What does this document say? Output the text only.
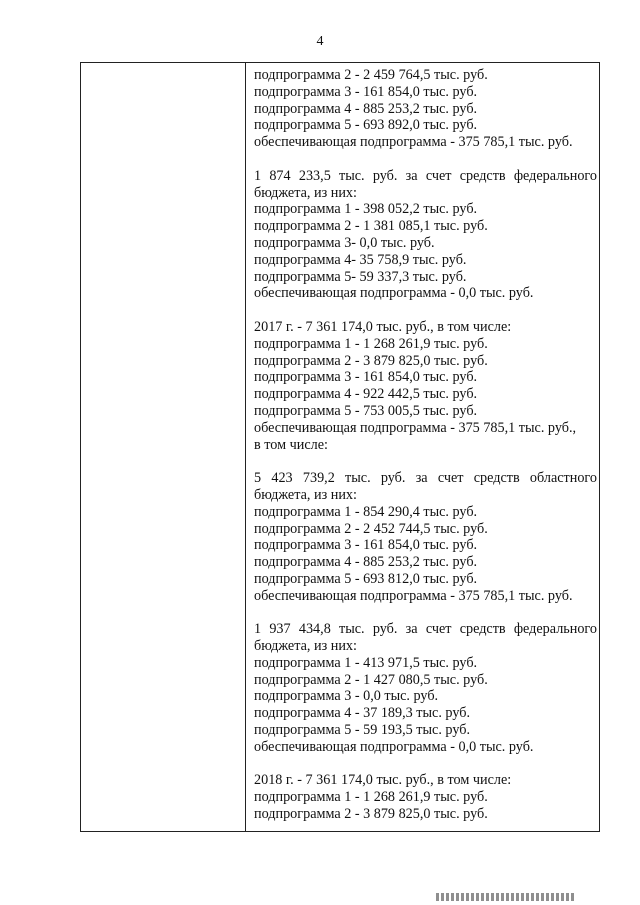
4
подпрограмма 2 - 2 459 764,5 тыс. руб.
подпрограмма 3 - 161 854,0 тыс. руб.
подпрограмма 4 - 885 253,2 тыс. руб.
подпрограмма 5 - 693 892,0 тыс. руб.
обеспечивающая подпрограмма - 375 785,1 тыс. руб.
1 874 233,5 тыс. руб. за счет средств федерального
бюджета, из них:
подпрограмма 1 - 398 052,2 тыс. руб.
подпрограмма 2 - 1 381 085,1 тыс. руб.
подпрограмма 3- 0,0 тыс. руб.
подпрограмма 4- 35 758,9 тыс. руб.
подпрограмма 5- 59 337,3 тыс. руб.
обеспечивающая подпрограмма - 0,0 тыс. руб.
2017 г. - 7 361 174,0 тыс. руб., в том числе:
подпрограмма 1 - 1 268 261,9 тыс. руб.
подпрограмма 2 - 3 879 825,0 тыс. руб.
подпрограмма 3 - 161 854,0 тыс. руб.
подпрограмма 4 - 922 442,5 тыс. руб.
подпрограмма 5 - 753 005,5 тыс. руб.
обеспечивающая подпрограмма - 375 785,1 тыс. руб.,
в том числе:
5 423 739,2 тыс. руб. за счет средств областного
бюджета, из них:
подпрограмма 1 - 854 290,4 тыс. руб.
подпрограмма 2 - 2 452 744,5 тыс. руб.
подпрограмма 3 - 161 854,0 тыс. руб.
подпрограмма 4 - 885 253,2 тыс. руб.
подпрограмма 5 - 693 812,0 тыс. руб.
обеспечивающая подпрограмма - 375 785,1 тыс. руб.
1 937 434,8 тыс. руб. за счет средств федерального
бюджета, из них:
подпрограмма 1 - 413 971,5 тыс. руб.
подпрограмма 2 - 1 427 080,5 тыс. руб.
подпрограмма 3 - 0,0 тыс. руб.
подпрограмма 4 - 37 189,3 тыс. руб.
подпрограмма 5 - 59 193,5 тыс. руб.
обеспечивающая подпрограмма - 0,0 тыс. руб.
2018 г. - 7 361 174,0 тыс. руб., в том числе:
подпрограмма 1 - 1 268 261,9 тыс. руб.
подпрограмма 2 - 3 879 825,0 тыс. руб.
